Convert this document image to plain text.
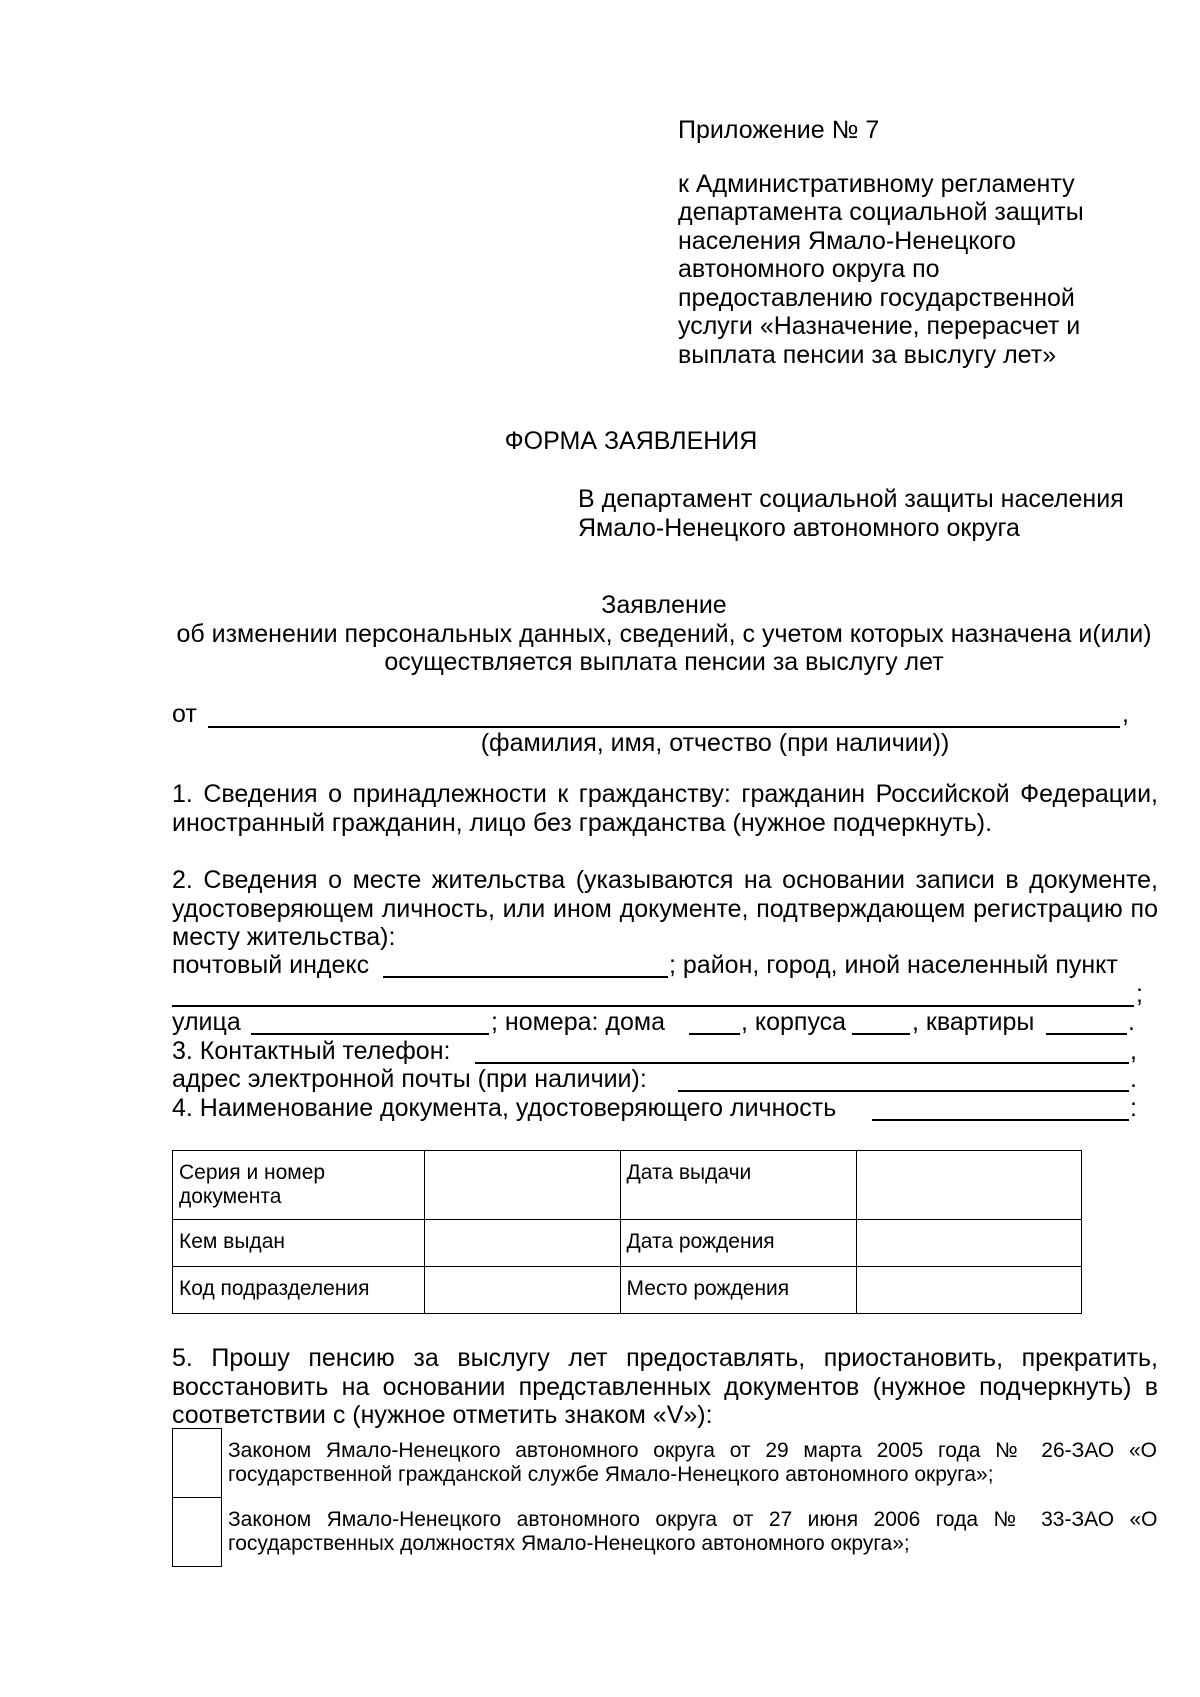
Приложение № 7

к Административному регламенту департамента социальной защиты населения Ямало-Ненецкого автономного округа по предоставлению государственной услуги «Назначение, перерасчет и выплата пенсии за выслугу лет»

ФОРМА ЗАЯВЛЕНИЯ
В департамент социальной защиты населения Ямало-Ненецкого автономного округа
Заявление
об изменении персональных данных, сведений, с учетом которых назначена и(или) осуществляется выплата пенсии за выслугу лет
от	,
(фамилия, имя, отчество (при наличии))
1. Сведения о принадлежности к гражданству: гражданин Российской Федерации, иностранный гражданин, лицо без гражданства (нужное подчеркнуть).
2. Сведения о месте жительства (указываются на основании записи в документе, удостоверяющем личность, или ином документе, подтверждающем регистрацию по месту жительства):
почтовый индекс	; район, город, иной населенный пункт
;
улица	; номера: дома	, корпуса	, квартиры	.
3. Контактный телефон:	,
адрес электронной почты (при наличии):	.
4. Наименование документа, удостоверяющего личность	:
Серия и номер документа		Дата выдачи	
Кем выдан		Дата рождения	
Код подразделения		Место рождения	
5. Прошу пенсию за выслугу лет предоставлять, приостановить, прекратить, восстановить на основании представленных документов (нужное подчеркнуть) в соответствии с (нужное отметить знаком «V»):
	Законом Ямало-Ненецкого автономного округа от 29 марта 2005 года № 26-ЗАО «О государственной гражданской службе Ямало-Ненецкого автономного округа»;
	Законом Ямало-Ненецкого автономного округа от 27 июня 2006 года № 33-ЗАО «О государственных должностях Ямало-Ненецкого автономного округа»;
